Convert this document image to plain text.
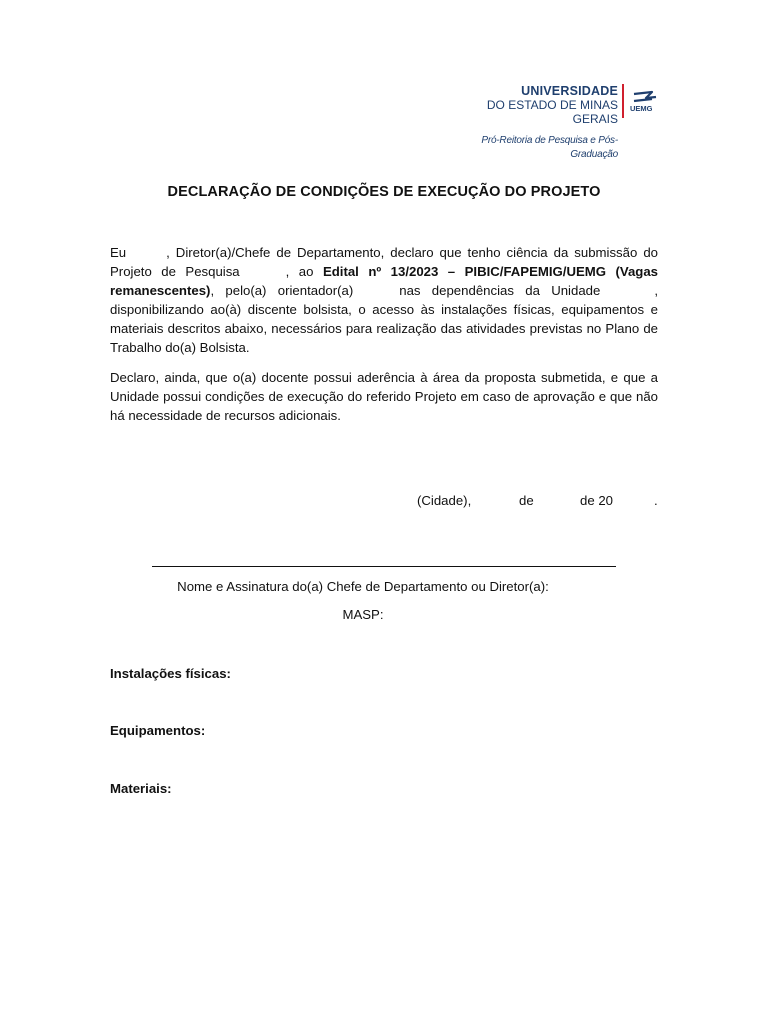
UNIVERSIDADE
DO ESTADO DE MINAS GERAIS
Pró-Reitoria de Pesquisa e Pós-Graduação
UEMG
DECLARAÇÃO DE CONDIÇÕES DE EXECUÇÃO DO PROJETO
Eu	, Diretor(a)/Chefe de Departamento, declaro que tenho ciência da submissão do Projeto de Pesquisa	, ao Edital nº 13/2023 – PIBIC/FAPEMIG/UEMG (Vagas remanescentes), pelo(a) orientador(a)	nas dependências da Unidade	, disponibilizando ao(à) discente bolsista, o acesso às instalações físicas, equipamentos e materiais descritos abaixo, necessários para realização das atividades previstas no Plano de Trabalho do(a) Bolsista.
Declaro, ainda, que o(a) docente possui aderência à área da proposta submetida, e que a Unidade possui condições de execução do referido Projeto em caso de aprovação e que não há necessidade de recursos adicionais.
(Cidade),	de	de 20	.
Nome e Assinatura do(a) Chefe de Departamento ou Diretor(a):
MASP:
Instalações físicas:
Equipamentos:
Materiais:
